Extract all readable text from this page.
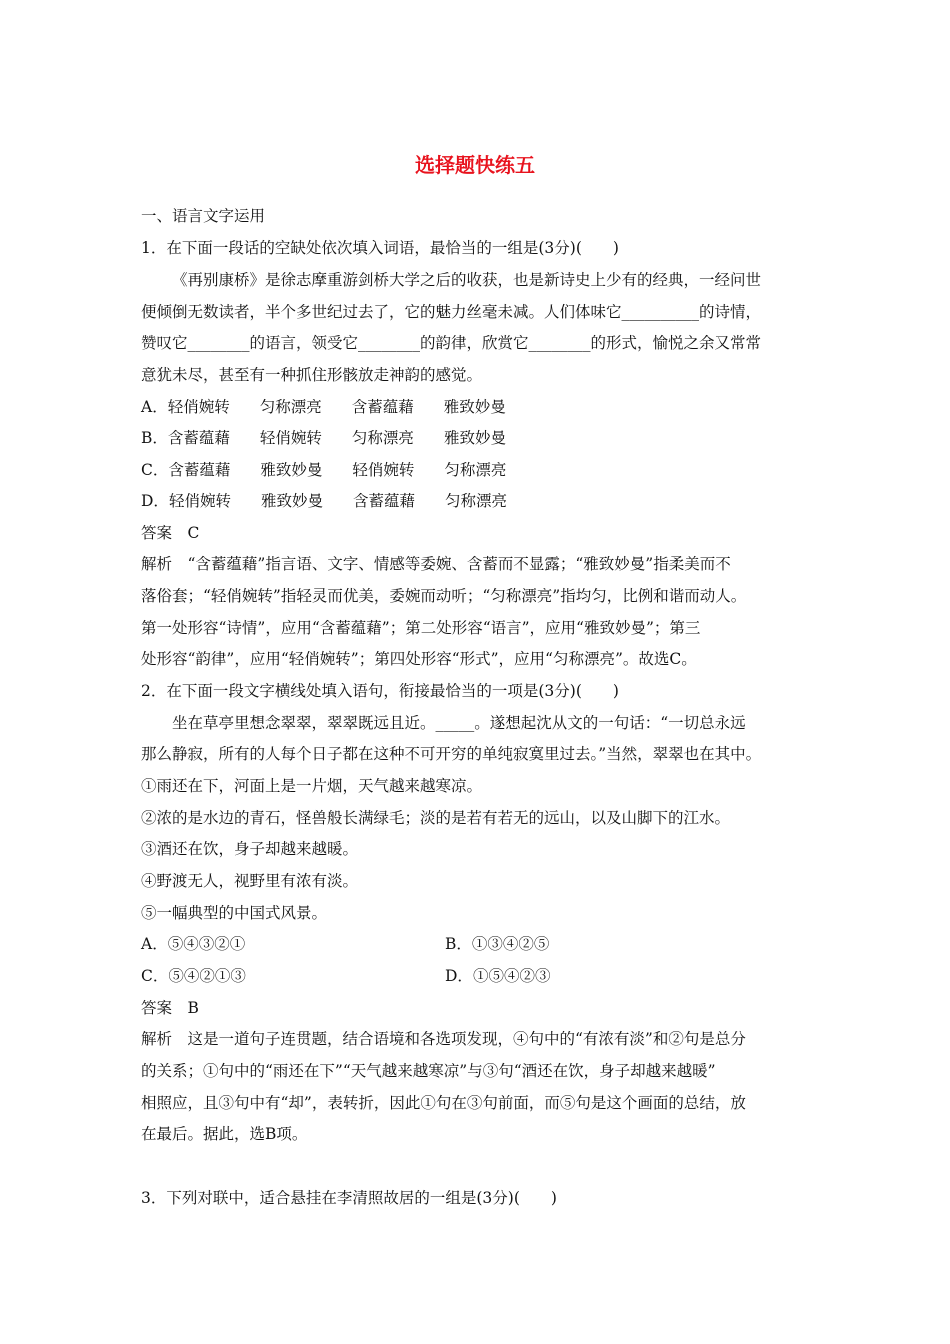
选择题快练五
一、语言文字运用
1．在下面一段话的空缺处依次填入词语，最恰当的一组是(3分)(　　)
《再别康桥》是徐志摩重游剑桥大学之后的收获，也是新诗史上少有的经典，一经问世
便倾倒无数读者，半个多世纪过去了，它的魅力丝毫未减。人们体味它__________的诗情，
赞叹它________的语言，领受它________的韵律，欣赏它________的形式，愉悦之余又常常
意犹未尽，甚至有一种抓住形骸放走神韵的感觉。
A．轻俏婉转 匀称漂亮 含蓄蕴藉 雅致妙曼
B．含蓄蕴藉 轻俏婉转 匀称漂亮 雅致妙曼
C．含蓄蕴藉 雅致妙曼 轻俏婉转 匀称漂亮
D．轻俏婉转 雅致妙曼 含蓄蕴藉 匀称漂亮
答案　C
解析　“含蓄蕴藉”指言语、文字、情感等委婉、含蓄而不显露；“雅致妙曼”指柔美而不
落俗套；“轻俏婉转”指轻灵而优美，委婉而动听；“匀称漂亮”指均匀，比例和谐而动人。
第一处形容“诗情”，应用“含蓄蕴藉”；第二处形容“语言”，应用“雅致妙曼”；第三
处形容“韵律”，应用“轻俏婉转”；第四处形容“形式”，应用“匀称漂亮”。故选C。
2．在下面一段文字横线处填入语句，衔接最恰当的一项是(3分)(　　)
坐在草亭里想念翠翠，翠翠既远且近。_____。遂想起沈从文的一句话：“一切总永远
那么静寂，所有的人每个日子都在这种不可开穷的单纯寂寞里过去。”当然，翠翠也在其中。
①雨还在下，河面上是一片烟，天气越来越寒凉。
②浓的是水边的青石，怪兽般长满绿毛；淡的是若有若无的远山，以及山脚下的江水。
③酒还在饮，身子却越来越暖。
④野渡无人，视野里有浓有淡。
⑤一幅典型的中国式风景。
A．⑤④③②①	B．①③④②⑤
C．⑤④②①③	D．①⑤④②③
答案　B
解析　这是一道句子连贯题，结合语境和各选项发现，④句中的“有浓有淡”和②句是总分
的关系；①句中的“雨还在下”“天气越来越寒凉”与③句“酒还在饮，身子却越来越暖”
相照应，且③句中有“却”，表转折，因此①句在③句前面，而⑤句是这个画面的总结，放
在最后。据此，选B项。
3．下列对联中，适合悬挂在李清照故居的一组是(3分)(　　)
